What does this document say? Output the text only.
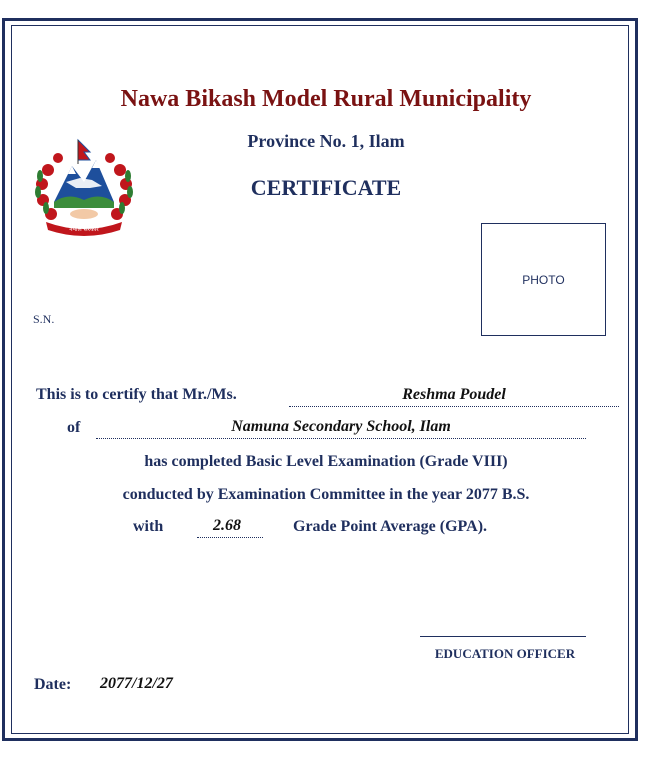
नेपाल सरकार
Nawa Bikash Model Rural Municipality
Province No. 1, Ilam
CERTIFICATE
PHOTO
S.N.
This is to certify that Mr./Ms.	Reshma Poudel
of	Namuna Secondary School, Ilam
has completed Basic Level Examination (Grade VIII)
conducted by Examination Committee in the year 2077 B.S.
with	2.68	Grade Point Average (GPA).
EDUCATION OFFICER
Date: 2077/12/27
